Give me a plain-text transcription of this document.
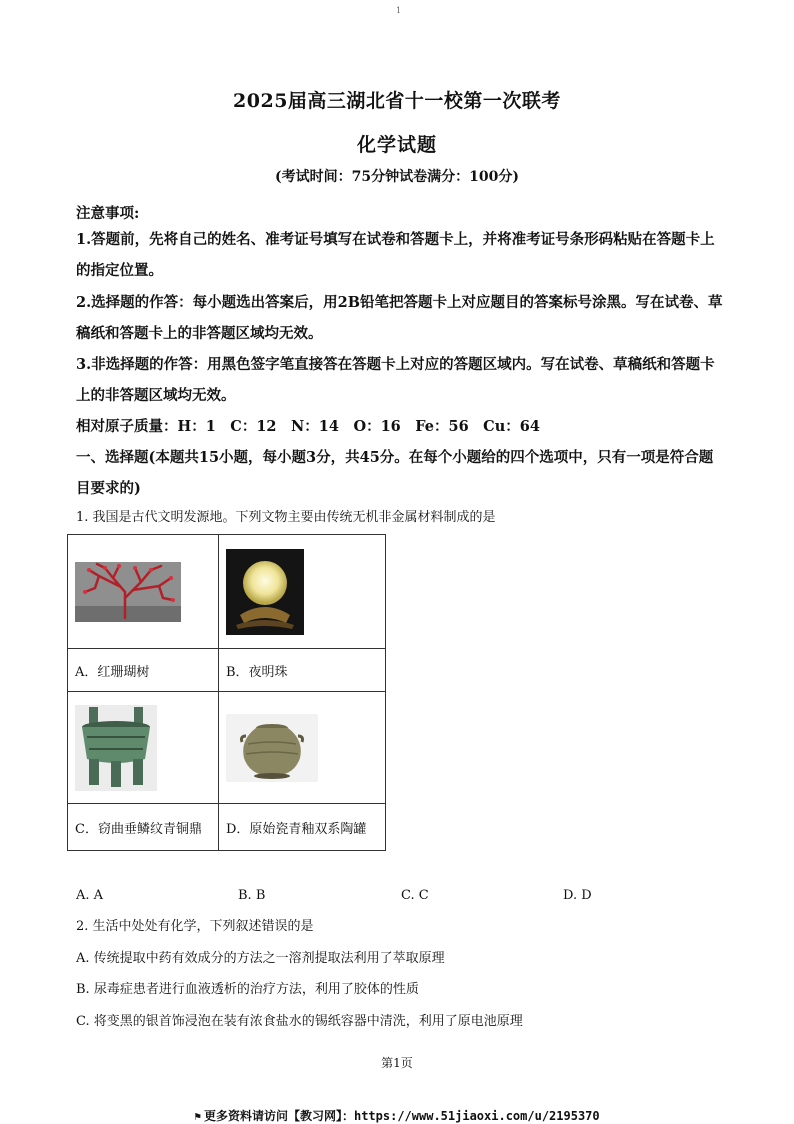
1
2025届高三湖北省十一校第一次联考
化学试题
(考试时间：75分钟试卷满分：100分)
注意事项:
1.答题前，先将自己的姓名、准考证号填写在试卷和答题卡上，并将准考证号条形码粘贴在答题卡上的指定位置。
2.选择题的作答：每小题选出答案后，用2B铅笔把答题卡上对应题目的答案标号涂黑。写在试卷、草稿纸和答题卡上的非答题区域均无效。
3.非选择题的作答：用黑色签字笔直接答在答题卡上对应的答题区域内。写在试卷、草稿纸和答题卡上的非答题区域均无效。
相对原子质量：H：1　C：12　N：14　O：16　Fe：56　Cu：64
一、选择题(本题共15小题，每小题3分，共45分。在每个小题给的四个选项中，只有一项是符合题目要求的)
1. 我国是古代文明发源地。下列文物主要由传统无机非金属材料制成的是

A．红珊瑚树	B．夜明珠

C．窃曲垂鳞纹青铜鼎	D．原始瓷青釉双系陶罐
A. A	B. B	C. C	D. D
2. 生活中处处有化学，下列叙述错误的是
A. 传统提取中药有效成分的方法之一溶剂提取法利用了萃取原理
B. 尿毒症患者进行血液透析的治疗方法，利用了胶体的性质
C. 将变黑的银首饰浸泡在装有浓食盐水的锡纸容器中清洗，利用了原电池原理
第1页
⚑ 更多资料请访问【教习网】：https://www.51jiaoxi.com/u/2195370
